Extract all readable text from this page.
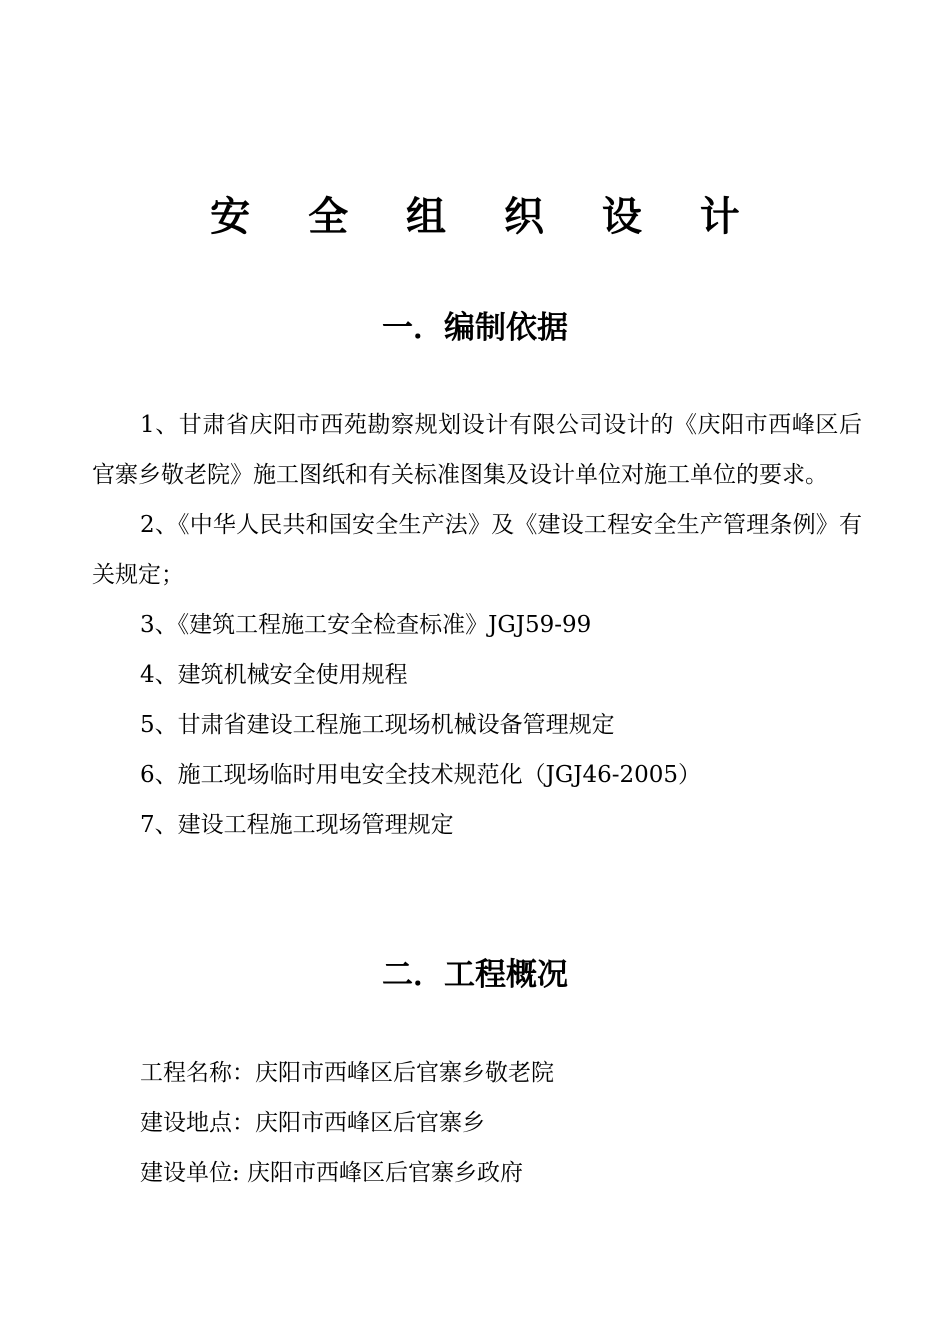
安 全 组 织 设 计
一．编制依据

1、甘肃省庆阳市西苑勘察规划设计有限公司设计的《庆阳市西峰区后官寨乡敬老院》施工图纸和有关标准图集及设计单位对施工单位的要求。

2、《中华人民共和国安全生产法》及《建设工程安全生产管理条例》有关规定；

3、《建筑工程施工安全检查标准》JGJ59-99

4、建筑机械安全使用规程

5、甘肃省建设工程施工现场机械设备管理规定

6、施工现场临时用电安全技术规范化（JGJ46-2005）

7、建设工程施工现场管理规定

二．工程概况

工程名称：庆阳市西峰区后官寨乡敬老院

建设地点：庆阳市西峰区后官寨乡

建设单位: 庆阳市西峰区后官寨乡政府
